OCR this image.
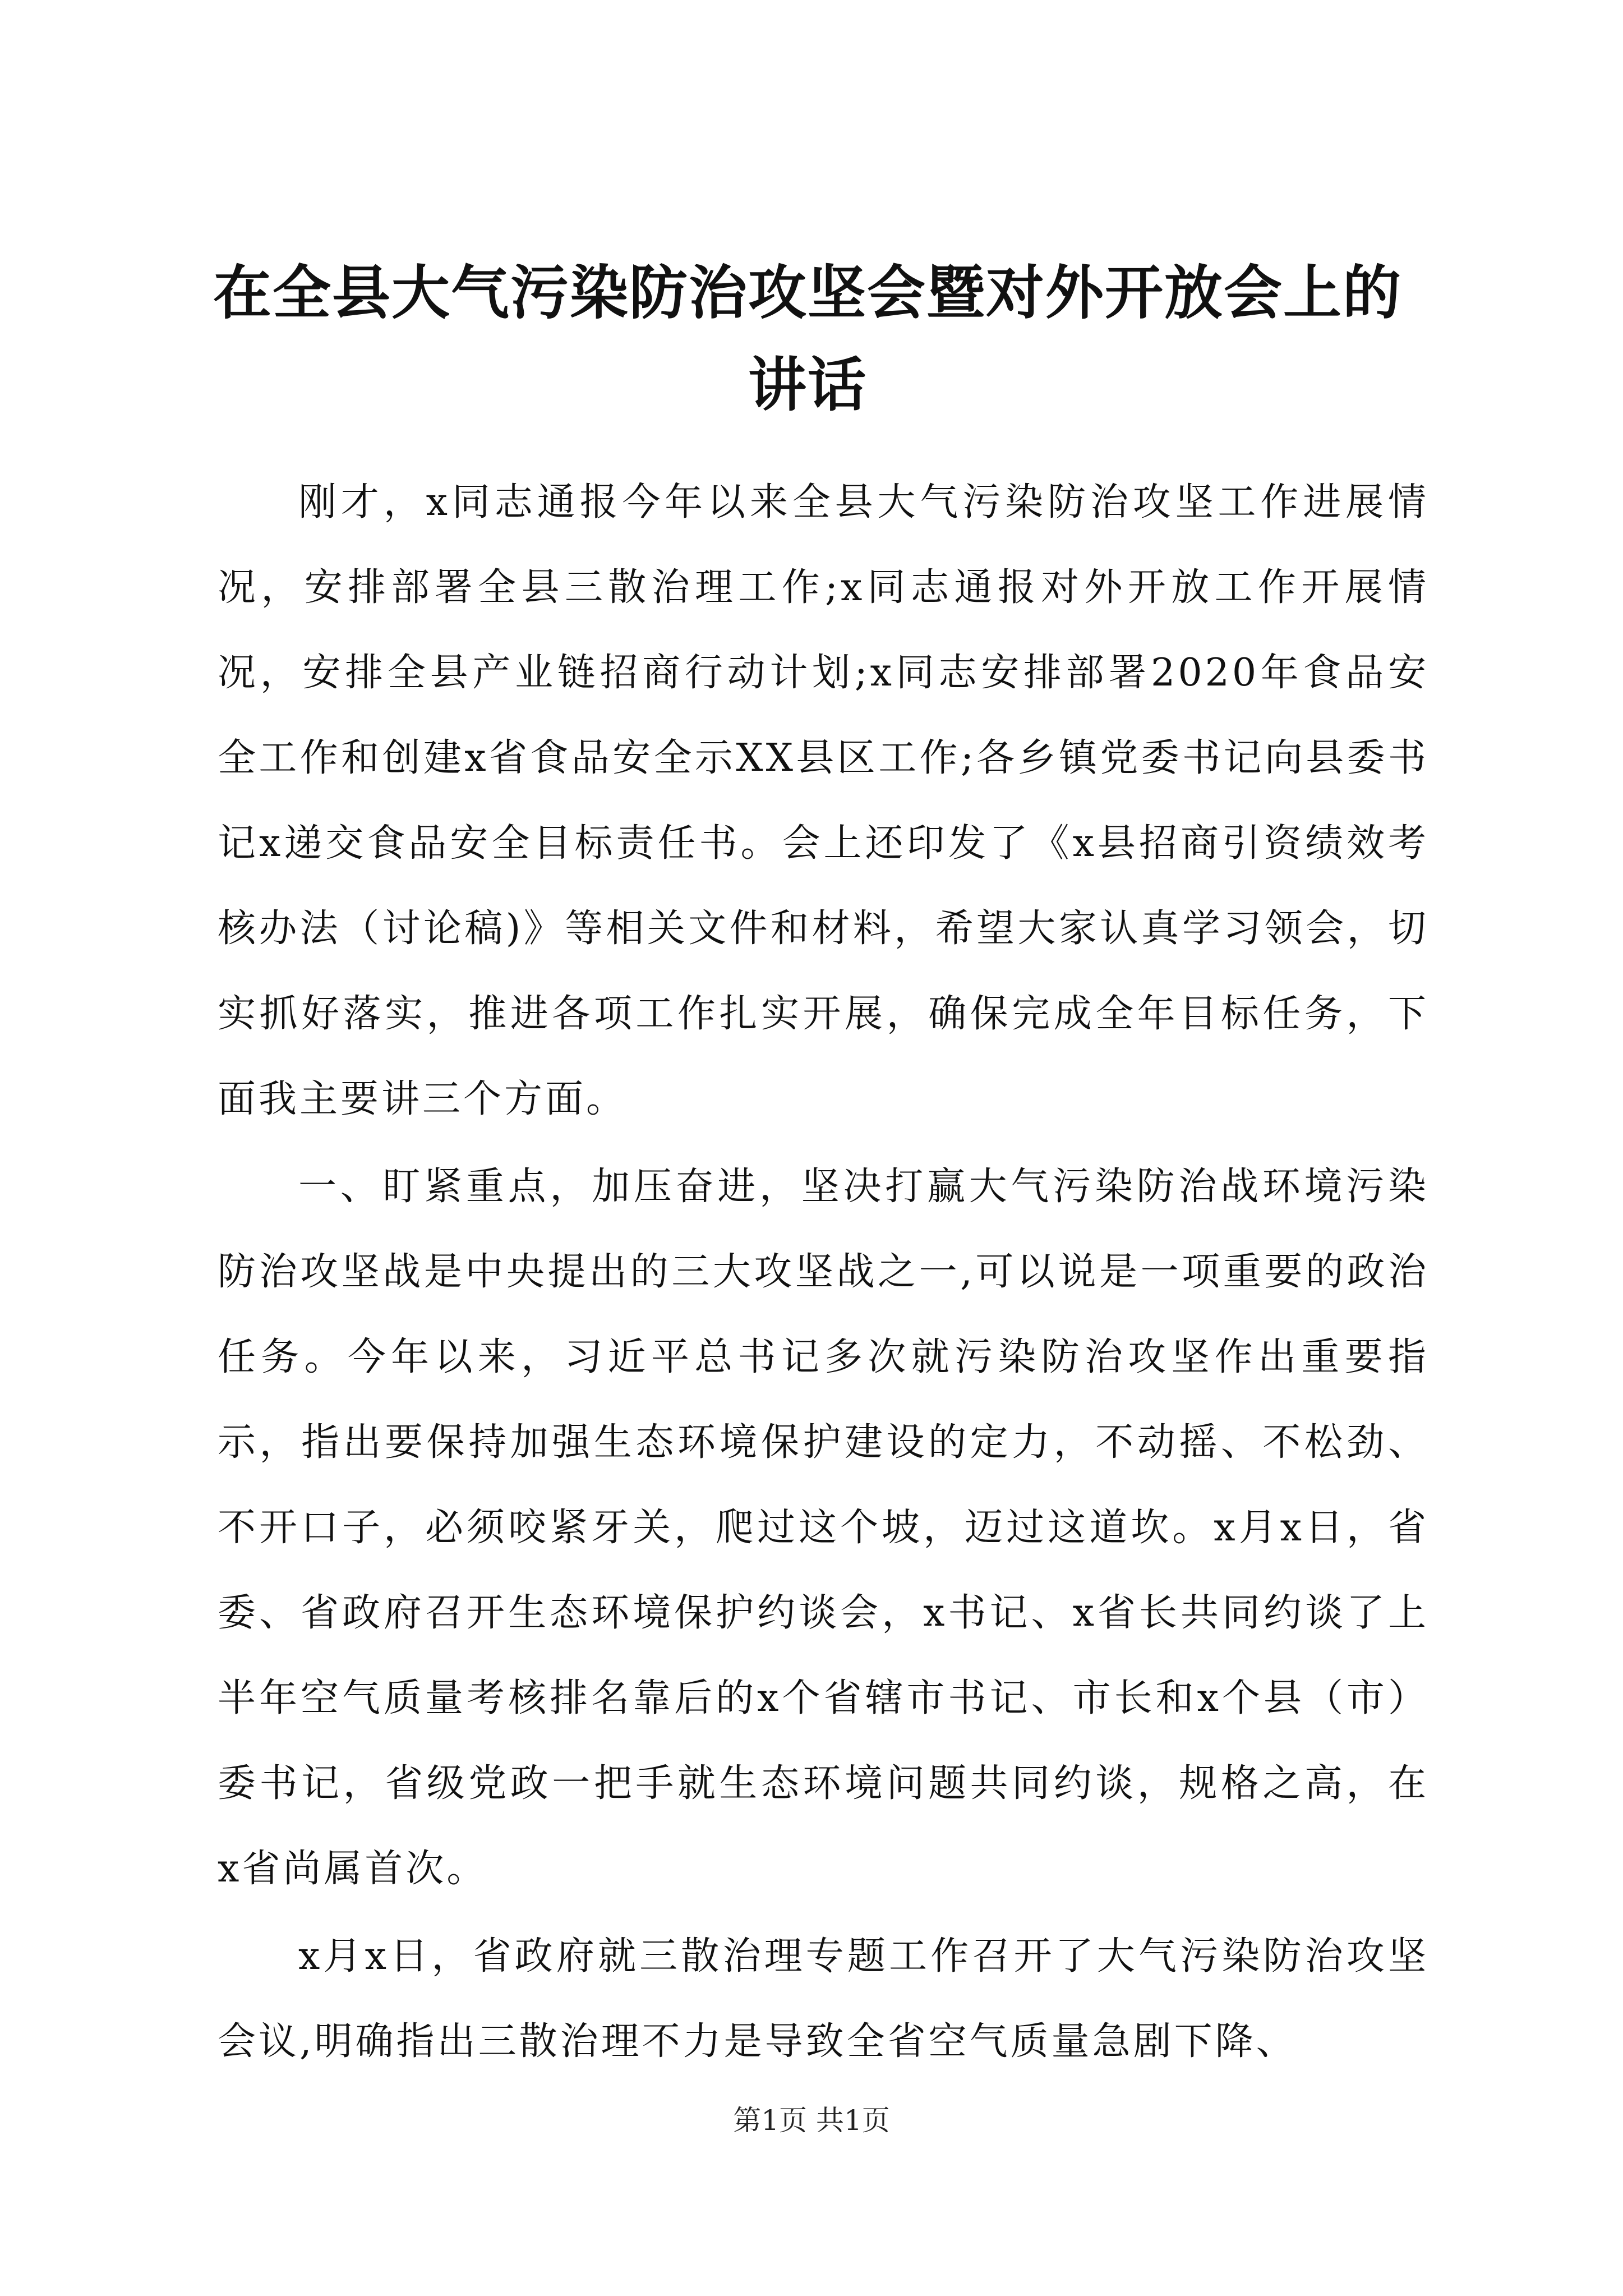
在全县大气污染防治攻坚会暨对外开放会上的讲话

刚才，x同志通报今年以来全县大气污染防治攻坚工作进展情况，安排部署全县三散治理工作;x同志通报对外开放工作开展情况，安排全县产业链招商行动计划;x同志安排部署2020年食品安全工作和创建x省食品安全示XX县区工作;各乡镇党委书记向县委书记x递交食品安全目标责任书。会上还印发了《x县招商引资绩效考核办法（讨论稿)》等相关文件和材料，希望大家认真学习领会，切实抓好落实，推进各项工作扎实开展，确保完成全年目标任务，下面我主要讲三个方面。

一、盯紧重点，加压奋进，坚决打赢大气污染防治战环境污染防治攻坚战是中央提出的三大攻坚战之一,可以说是一项重要的政治任务。今年以来，习近平总书记多次就污染防治攻坚作出重要指示，指出要保持加强生态环境保护建设的定力，不动摇、不松劲、不开口子，必须咬紧牙关，爬过这个坡，迈过这道坎。x月x日，省委、省政府召开生态环境保护约谈会，x书记、x省长共同约谈了上半年空气质量考核排名靠后的x个省辖市书记、市长和x个县（市）委书记，省级党政一把手就生态环境问题共同约谈，规格之高，在x省尚属首次。

x月x日，省政府就三散治理专题工作召开了大气污染防治攻坚会议,明确指出三散治理不力是导致全省空气质量急剧下降、

第1页 共1页
